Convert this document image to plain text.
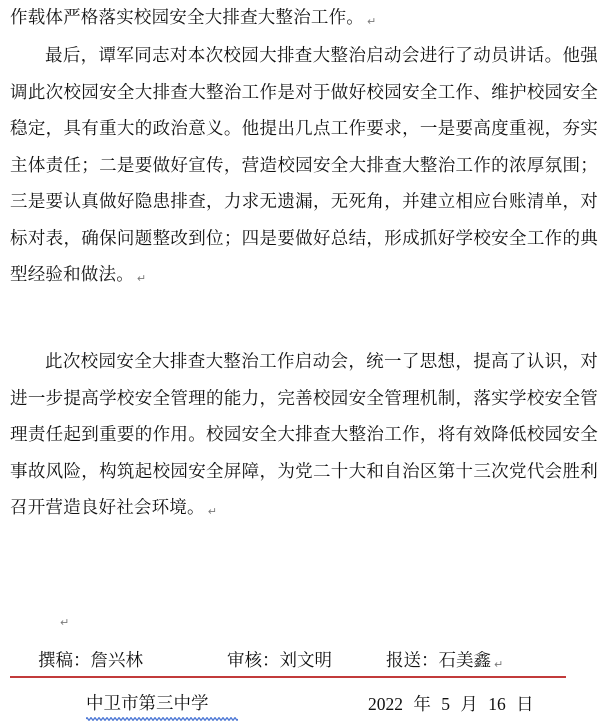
作载体严格落实校园安全大排查大整治工作。 ↵

最后，谭军同志对本次校园大排查大整治启动会进行了动员讲话。他强调此次校园安全大排查大整治工作是对于做好校园安全工作、维护校园安全稳定，具有重大的政治意义。他提出几点工作要求，一是要高度重视，夯实主体责任；二是要做好宣传，营造校园安全大排查大整治工作的浓厚氛围；三是要认真做好隐患排查，力求无遗漏，无死角，并建立相应台账清单，对标对表，确保问题整改到位；四是要做好总结，形成抓好学校安全工作的典型经验和做法。 ↵

此次校园安全大排查大整治工作启动会，统一了思想，提高了认识，对进一步提高学校安全管理的能力，完善校园安全管理机制，落实学校安全管理责任起到重要的作用。校园安全大排查大整治工作，将有效降低校园安全事故风险，构筑起校园安全屏障，为党二十大和自治区第十三次党代会胜利召开营造良好社会环境。 ↵

↵
撰稿：詹兴林	审核：刘文明	报送：石美鑫 ↵
中卫市第三中学	2022 年 5 月 16 日
